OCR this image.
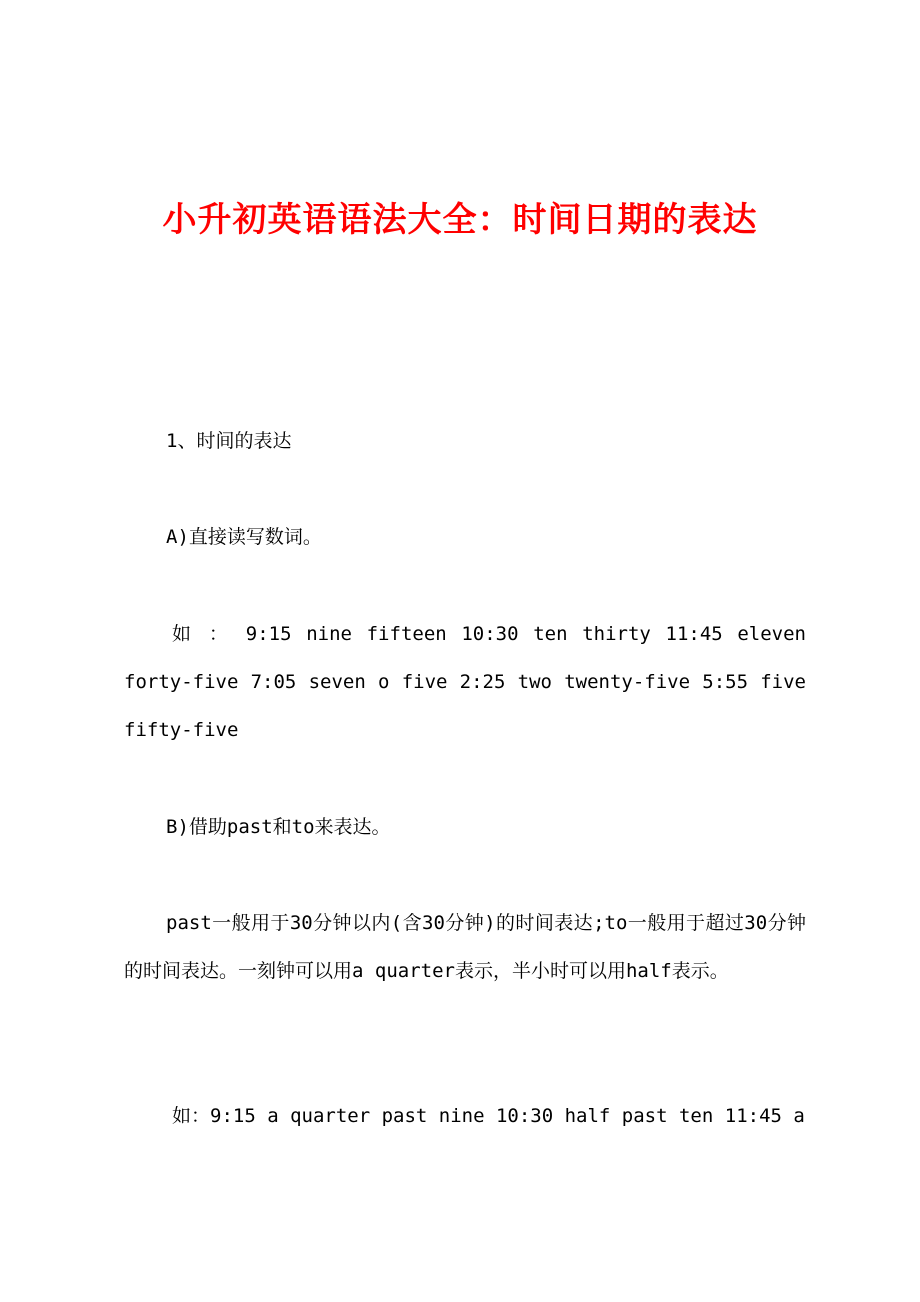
小升初英语语法大全：时间日期的表达

1、时间的表达

A)直接读写数词。

如 ： 9:15 nine fifteen 10:30 ten thirty 11:45 eleven forty-five 7:05 seven o five 2:25 two twenty-five 5:55 five fifty-five

B)借助past和to来表达。

past一般用于30分钟以内(含30分钟)的时间表达;to一般用于超过30分钟的时间表达。一刻钟可以用a quarter表示，半小时可以用half表示。

如：9:15 a quarter past nine 10:30 half past ten 11:45 a
